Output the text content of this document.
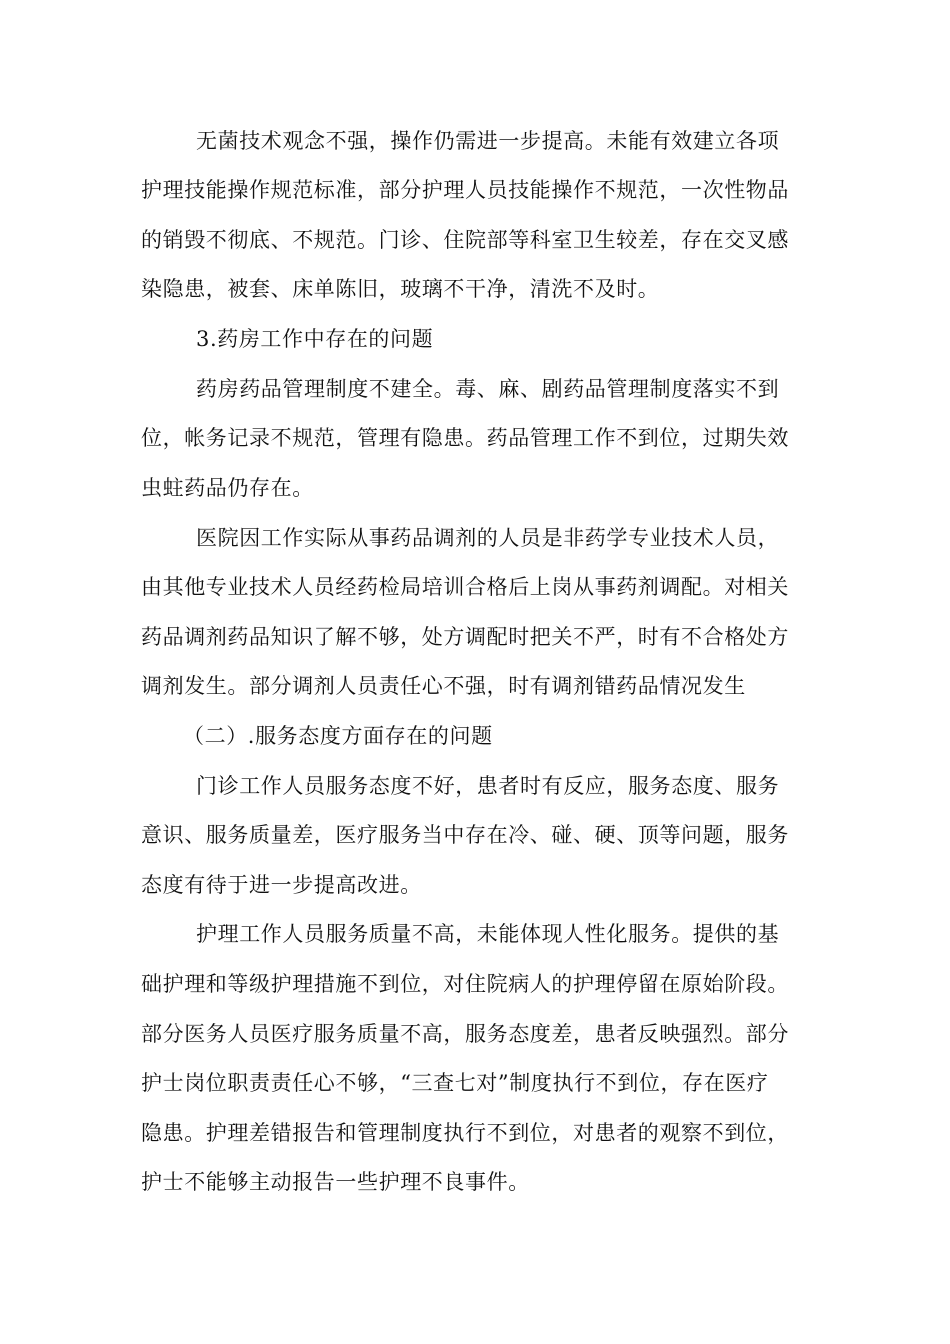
无菌技术观念不强，操作仍需进一步提高。未能有效建立各项
护理技能操作规范标准，部分护理人员技能操作不规范，一次性物品
的销毁不彻底、不规范。门诊、住院部等科室卫生较差，存在交叉感
染隐患，被套、床单陈旧，玻璃不干净，清洗不及时。
3.药房工作中存在的问题
药房药品管理制度不建全。毒、麻、剧药品管理制度落实不到
位，帐务记录不规范，管理有隐患。药品管理工作不到位，过期失效
虫蛀药品仍存在。
医院因工作实际从事药品调剂的人员是非药学专业技术人员，
由其他专业技术人员经药检局培训合格后上岗从事药剂调配。对相关
药品调剂药品知识了解不够，处方调配时把关不严，时有不合格处方
调剂发生。部分调剂人员责任心不强，时有调剂错药品情况发生
（二）.服务态度方面存在的问题
门诊工作人员服务态度不好，患者时有反应，服务态度、服务
意识、服务质量差，医疗服务当中存在冷、碰、硬、顶等问题，服务
态度有待于进一步提高改进。
护理工作人员服务质量不高，未能体现人性化服务。提供的基
础护理和等级护理措施不到位，对住院病人的护理停留在原始阶段。
部分医务人员医疗服务质量不高，服务态度差，患者反映强烈。部分
护士岗位职责责任心不够，“三查七对”制度执行不到位，存在医疗
隐患。护理差错报告和管理制度执行不到位，对患者的观察不到位，
护士不能够主动报告一些护理不良事件。
